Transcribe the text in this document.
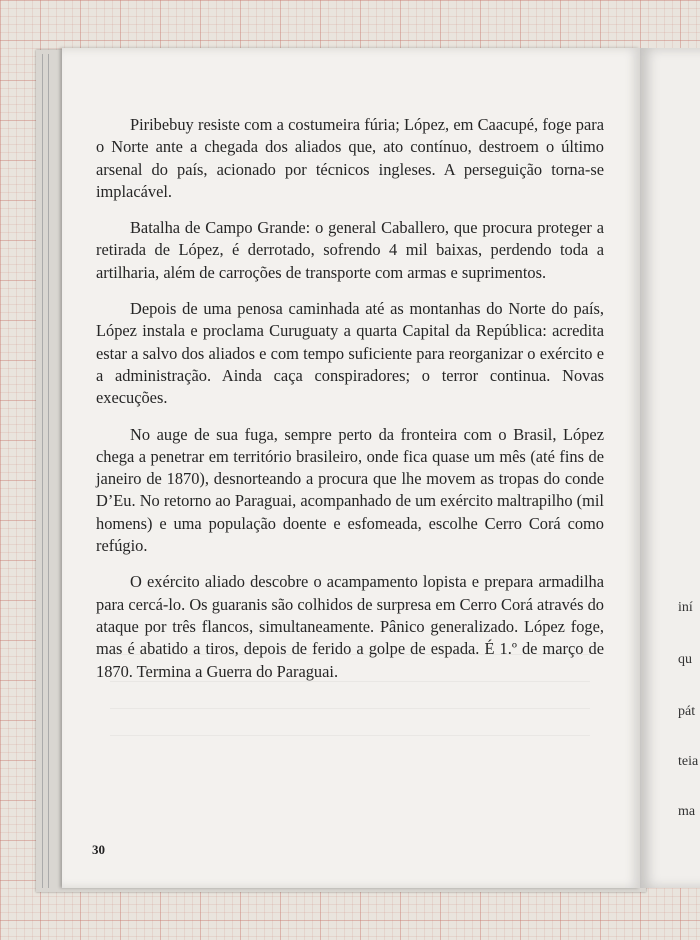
iní
qu
pát
teia
ma

Piribebuy resiste com a costumeira fúria; López, em Caacupé, foge para o Norte ante a chegada dos aliados que, ato contínuo, destroem o último arsenal do país, acionado por técnicos ingleses. A perseguição torna-se implacável.

Batalha de Campo Grande: o general Caballero, que procura proteger a retirada de López, é derrotado, sofrendo 4 mil baixas, perdendo toda a artilharia, além de carroções de transporte com armas e suprimentos.

Depois de uma penosa caminhada até as montanhas do Norte do país, López instala e proclama Curuguaty a quarta Capital da República: acredita estar a salvo dos aliados e com tempo suficiente para reorganizar o exército e a administração. Ainda caça conspiradores; o terror continua. Novas execuções.

No auge de sua fuga, sempre perto da fronteira com o Brasil, López chega a penetrar em território brasileiro, onde fica quase um mês (até fins de janeiro de 1870), desnorteando a procura que lhe movem as tropas do conde D’Eu. No retorno ao Paraguai, acompanhado de um exército maltrapilho (mil homens) e uma população doente e esfomeada, escolhe Cerro Corá como refúgio.

O exército aliado descobre o acampamento lopista e prepara armadilha para cercá-lo. Os guaranis são colhidos de surpresa em Cerro Corá através do ataque por três flancos, simultaneamente. Pânico generalizado. López foge, mas é abatido a tiros, depois de ferido a golpe de espada. É 1.º de março de 1870. Termina a Guerra do Paraguai.

30
